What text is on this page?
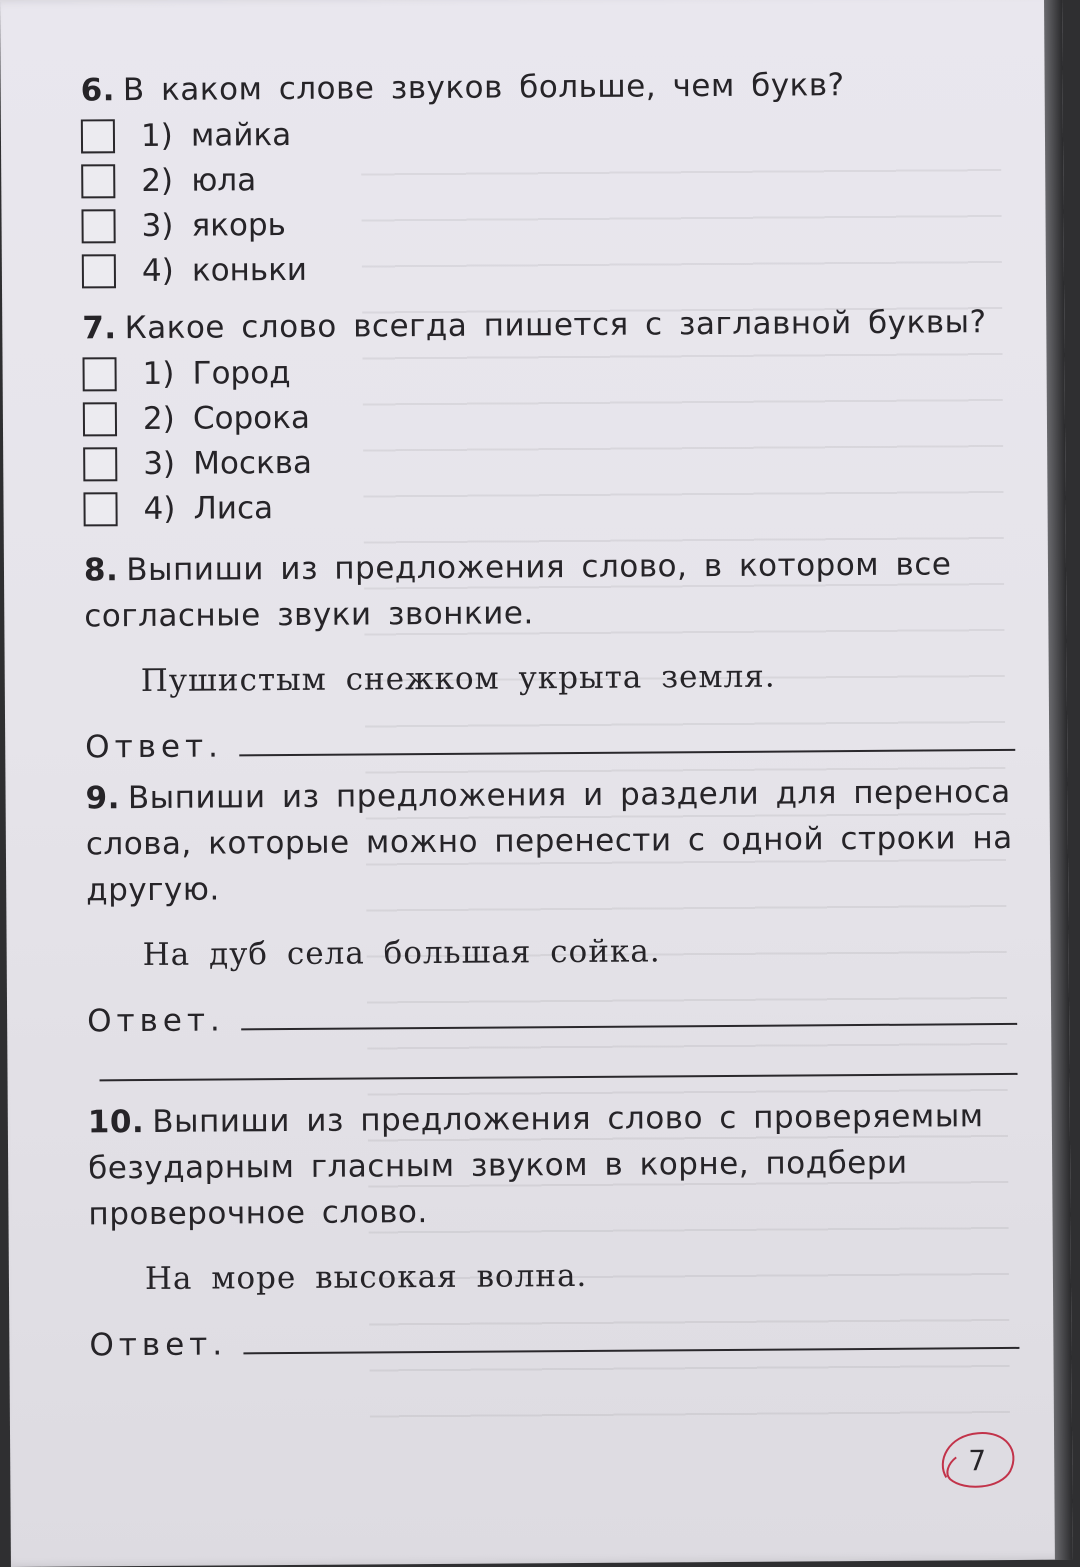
6. В каком слове звуков больше, чем букв?
1) майка
2) юла
3) якорь
4) коньки
7. Какое слово всегда пишется с заглавной буквы?
1) Город
2) Сорока
3) Москва
4) Лиса
8. Выпиши из предложения слово, в котором все согласные звуки звонкие.
Пушистым снежком укрыта земля.
Ответ.
9. Выпиши из предложения и раздели для переноса слова, которые можно перенести с одной строки на другую.
На дуб села большая сойка.
Ответ.
10. Выпиши из предложения слово с проверяемым безударным гласным звуком в корне, подбери проверочное слово.
На море высокая волна.
Ответ.
7
